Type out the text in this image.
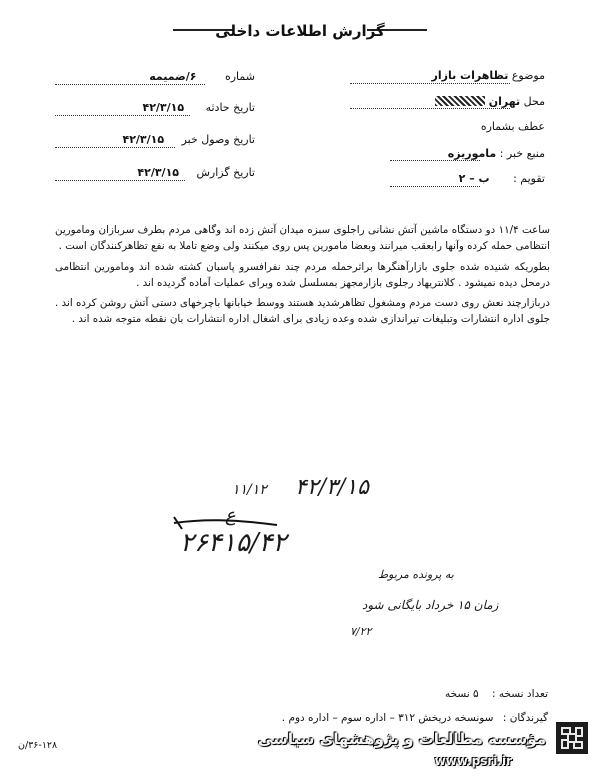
گزارش اطلاعات داخلی
موضوع تظاهرات بازار
محل تهران
عطف بشماره
منبع خبر : ماموریزه
تقویم : ب – ۲
شماره ۶/ضمیمه
تاریخ حادثه ۴۲/۳/۱۵
تاریخ وصول خبر ۴۲/۳/۱۵
تاریخ گزارش ۴۲/۳/۱۵

ساعت ۱۱/۴ دو دستگاه ماشین آتش نشانی راجلوی سبزه میدان آتش زده اند وگاهی مردم بطرف سربازان ومامورین انتظامی حمله کرده وآنها رابعقب میرانند وبعضا مامورین پس روی میکنند ولی وضع تاملا به نفع تظاهرکنندگان است .

بطوریکه شنیده شده جلوی بازارآهنگرها براثرحمله مردم چند نفرافسرو پاسبان کشته شده اند ومامورین انتظامی درمحل دیده نمیشود . کلانتریهاد رجلوی بازارمجهز بمسلسل شده وبرای عملیات آماده گردیده اند .

دربازارچند نعش روی دست مردم ومشغول تظاهرشدید هستند ووسط خیابانها باچرخهای دستی آتش روشن کرده اند . جلوی اداره انتشارات وتبلیغات تیراندازی شده وعده زیادی برای اشغال اداره انتشارات بان نقطه متوجه شده اند .

۴۲/۳/۱۵
۱۱/۱۲
ع
۲۶۴۱۵/۴۲
به پرونده مربوط
زمان ۱۵ خرداد بایگانی شود
۷/۲۲
تعداد نسخه : ۵ نسخه
گیرندگان : سونسخه دریخش ۳۱۲ – اداره سوم – اداره دوم .
۳۶-۱۲۸/ن	مؤسسه مطالعات و پژوهشهای سیاسی
www.psri.ir
